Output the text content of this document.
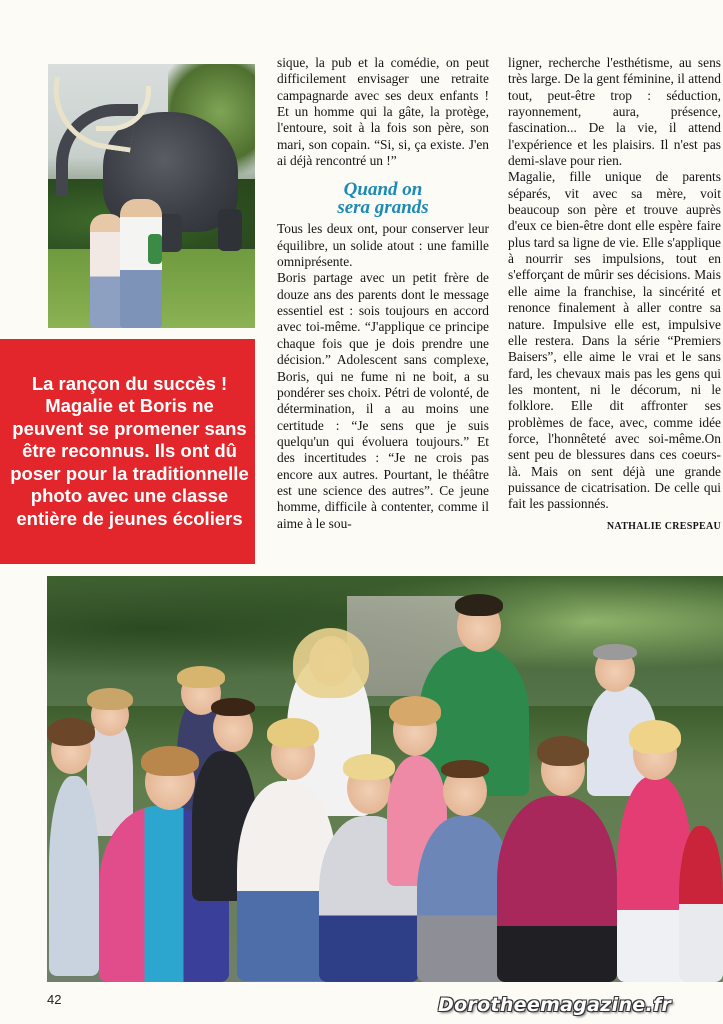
La rançon du succès ! Magalie et Boris ne peuvent se promener sans être reconnus. Ils ont dû poser pour la traditionnelle photo avec une classe entière de jeunes écoliers

sique, la pub et la comédie, on peut difficilement envisager une retraite campagnarde avec ses deux enfants ! Et un homme qui la gâte, la protège, l'entoure, soit à la fois son père, son mari, son copain. “Si, si, ça existe. J'en ai déjà rencontré un !”

Quand on
sera grands

Tous les deux ont, pour conserver leur équilibre, un solide atout : une famille omniprésente.

Boris partage avec un petit frère de douze ans des parents dont le message essentiel est : sois toujours en accord avec toi-même. “J'applique ce principe chaque fois que je dois prendre une décision.” Adolescent sans complexe, Boris, qui ne fume ni ne boit, a su pondérer ses choix. Pétri de volonté, de détermination, il a au moins une certitude : “Je sens que je suis quelqu'un qui évoluera toujours.” Et des incertitudes : “Je ne crois pas encore aux autres. Pourtant, le théâtre est une science des autres”. Ce jeune homme, difficile à contenter, comme il aime à le sou-

ligner, recherche l'esthétisme, au sens très large. De la gent féminine, il attend tout, peut-être trop : séduction, rayonnement, aura, présence, fascination... De la vie, il attend l'expérience et les plaisirs. Il n'est pas demi-slave pour rien.

Magalie, fille unique de parents séparés, vit avec sa mère, voit beaucoup son père et trouve auprès d'eux ce bien-être dont elle espère faire plus tard sa ligne de vie. Elle s'applique à nourrir ses impulsions, tout en s'efforçant de mûrir ses décisions. Mais elle aime la franchise, la sincérité et renonce finalement à aller contre sa nature. Impulsive elle est, impulsive elle restera. Dans la série “Premiers Baisers”, elle aime le vrai et le sans fard, les chevaux mais pas les gens qui les montent, ni le décorum, ni le folklore. Elle dit affronter ses problèmes de face, avec, comme idée force, l'honnêteté avec soi-même.On sent peu de blessures dans ces coeurs-là. Mais on sent déjà une grande puissance de cicatrisation. De celle qui fait les passionnés.

NATHALIE CRESPEAU
42	Dorotheemagazine.fr
